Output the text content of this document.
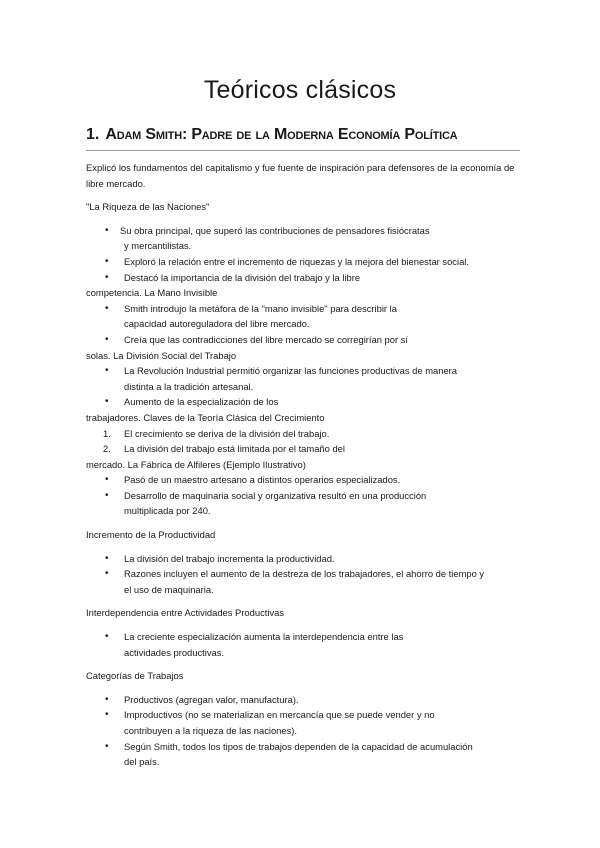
Teóricos clásicos
1. Adam Smith: Padre de la Moderna Economía Política

Explicó los fundamentos del capitalismo y fue fuente de inspiración para defensores de la economía de libre mercado.

"La Riqueza de las Naciones"

• Su obra principal, que superó las contribuciones de pensadores fisiócratas
y mercantilistas.
• Exploró la relación entre el incremento de riquezas y la mejora del bienestar social.
• Destacó la importancia de la división del trabajo y la libre

competencia. La Mano Invisible

• Smith introdujo la metáfora de la "mano invisible" para describir la
capacidad autoreguladora del libre mercado.
• Creía que las contradicciones del libre mercado se corregirían por sí

solas. La División Social del Trabajo

• La Revolución Industrial permitió organizar las funciones productivas de manera
distinta a la tradición artesanal.
• Aumento de la especialización de los

trabajadores. Claves de la Teoría Clásica del Crecimiento

1. El crecimiento se deriva de la división del trabajo.
2. La división del trabajo está limitada por el tamaño del

mercado. La Fábrica de Alfileres (Ejemplo Ilustrativo)

• Pasó de un maestro artesano a distintos operarios especializados.
• Desarrollo de maquinaria social y organizativa resultó en una producción
multiplicada por 240.

Incremento de la Productividad

• La división del trabajo incrementa la productividad.
• Razones incluyen el aumento de la destreza de los trabajadores, el ahorro de tiempo y
el uso de maquinaria.

Interdependencia entre Actividades Productivas

• La creciente especialización aumenta la interdependencia entre las
actividades productivas.

Categorías de Trabajos

• Productivos (agregan valor, manufactura).
• Improductivos (no se materializan en mercancía que se puede vender y no
contribuyen a la riqueza de las naciones).
• Según Smith, todos los tipos de trabajos dependen de la capacidad de acumulación
del país.
